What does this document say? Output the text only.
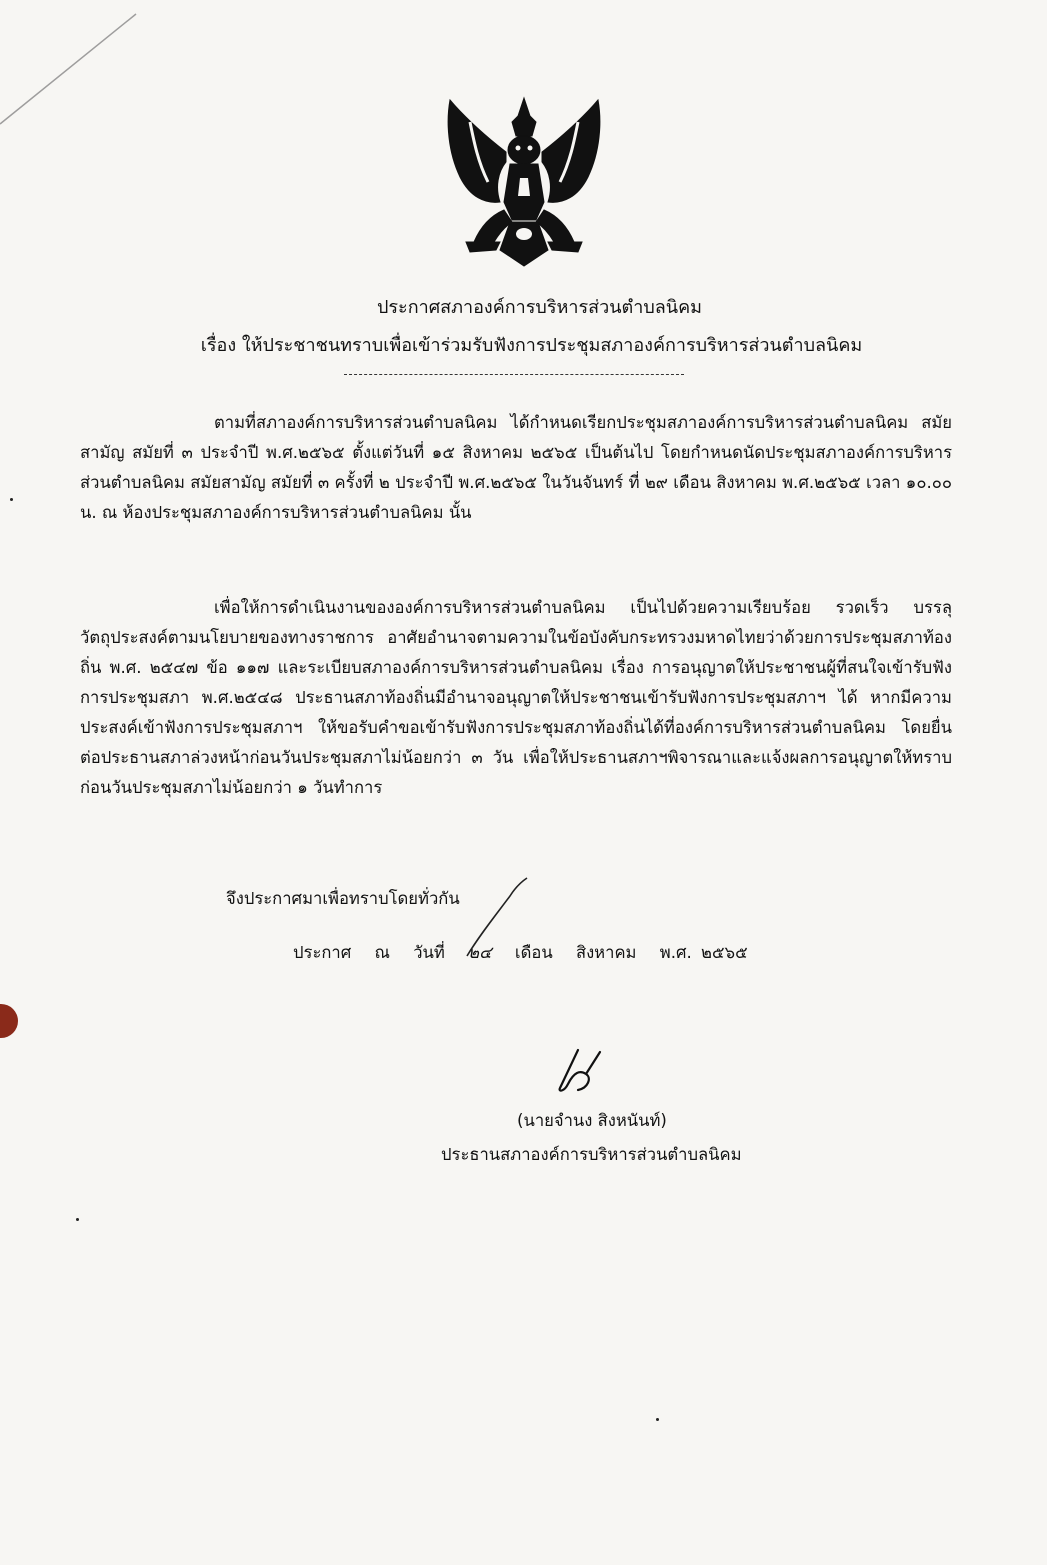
ประกาศสภาองค์การบริหารส่วนตำบลนิคม
เรื่อง ให้ประชาชนทราบเพื่อเข้าร่วมรับฟังการประชุมสภาองค์การบริหารส่วนตำบลนิคม
ตามที่สภาองค์การบริหารส่วนตำบลนิคม ได้กำหนดเรียกประชุมสภาองค์การบริหารส่วนตำบลนิคม สมัยสามัญ สมัยที่ ๓ ประจำปี พ.ศ.๒๕๖๕ ตั้งแต่วันที่ ๑๕ สิงหาคม ๒๕๖๕ เป็นต้นไป โดยกำหนดนัดประชุมสภาองค์การบริหารส่วนตำบลนิคม สมัยสามัญ สมัยที่ ๓ ครั้งที่ ๒ ประจำปี พ.ศ.๒๕๖๕ ในวันจันทร์ ที่ ๒๙ เดือน สิงหาคม พ.ศ.๒๕๖๕ เวลา ๑๐.๐๐ น. ณ ห้องประชุมสภาองค์การบริหารส่วนตำบลนิคม นั้น
เพื่อให้การดำเนินงานขององค์การบริหารส่วนตำบลนิคม เป็นไปด้วยความเรียบร้อย รวดเร็ว บรรลุวัตถุประสงค์ตามนโยบายของทางราชการ อาศัยอำนาจตามความในข้อบังคับกระทรวงมหาดไทยว่าด้วยการประชุมสภาท้องถิ่น พ.ศ. ๒๕๔๗ ข้อ ๑๑๗ และระเบียบสภาองค์การบริหารส่วนตำบลนิคม เรื่อง การอนุญาตให้ประชาชนผู้ที่สนใจเข้ารับฟังการประชุมสภา พ.ศ.๒๕๔๘ ประธานสภาท้องถิ่นมีอำนาจอนุญาตให้ประชาชนเข้ารับฟังการประชุมสภาฯ ได้ หากมีความประสงค์เข้าฟังการประชุมสภาฯ ให้ขอรับคำขอเข้ารับฟังการประชุมสภาท้องถิ่นได้ที่องค์การบริหารส่วนตำบลนิคม โดยยื่นต่อประธานสภาล่วงหน้าก่อนวันประชุมสภาไม่น้อยกว่า ๓ วัน เพื่อให้ประธานสภาฯพิจารณาและแจ้งผลการอนุญาตให้ทราบก่อนวันประชุมสภาไม่น้อยกว่า ๑ วันทำการ
จึงประกาศมาเพื่อทราบโดยทั่วกัน
ประกาศ ณ วันที่ ๒๔ เดือน สิงหาคม พ.ศ. ๒๕๖๕
(นายจำนง สิงหนันท์)
ประธานสภาองค์การบริหารส่วนตำบลนิคม
